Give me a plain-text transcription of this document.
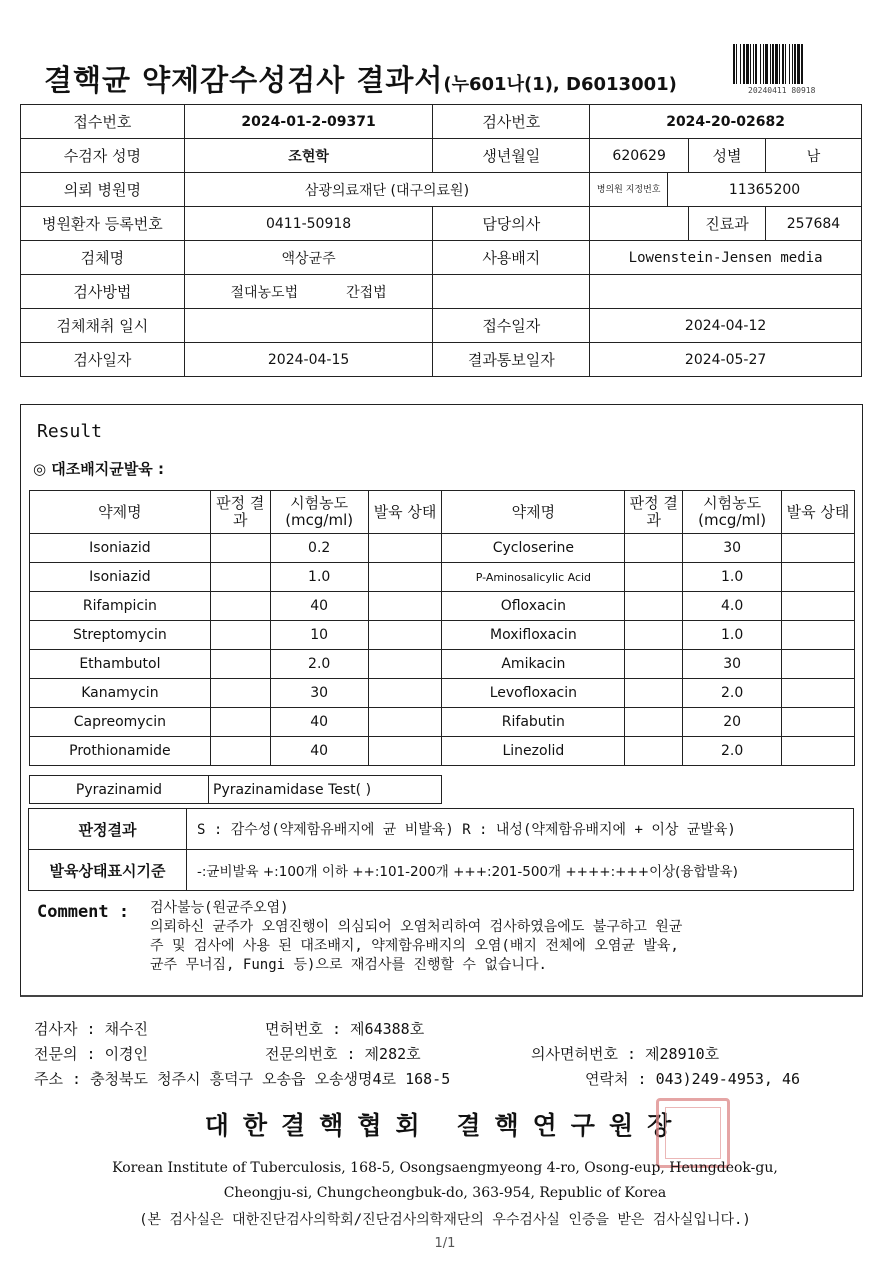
결핵균 약제감수성검사 결과서(누601나(1), D6013001)	20240411 80918
접수번호	2024-01-2-09371	검사번호	2024-20-02682			
수검자 성명	조현학	생년월일	620629		성별	남
의뢰 병원명	삼광의료재단 (대구의료원)		병의원 지정번호	11365200		
병원환자 등록번호	0411-50918	담당의사			진료과	257684
검체명	액상균주	사용배지	Lowenstein-Jensen media			
검사방법	절대농도법 간접법					
검체채취 일시		접수일자	2024-04-12			
검사일자	2024-04-15	결과통보일자	2024-05-27			
Result
◎ 대조배지균발육 :
약제명	판정 결과	시험농도 (mcg/ml)	발육 상태	약제명	판정 결과	시험농도 (mcg/ml)	발육 상태
Isoniazid		0.2		Cycloserine		30	
Isoniazid		1.0		P-Aminosalicylic Acid		1.0	
Rifampicin		40		Ofloxacin		4.0	
Streptomycin		10		Moxifloxacin		1.0	
Ethambutol		2.0		Amikacin		30	
Kanamycin		30		Levofloxacin		2.0	
Capreomycin		40		Rifabutin		20	
Prothionamide		40		Linezolid		2.0	
Pyrazinamid	Pyrazinamidase Test( )
판정결과	S : 감수성(약제함유배지에 균 비발육) R : 내성(약제함유배지에 + 이상 균발육)
발육상태표시기준	-:균비발육 +:100개 이하 ++:101-200개 +++:201-500개 ++++:+++이상(융합발육)
Comment : 검사불능(원균주오염)
의뢰하신 균주가 오염진행이 의심되어 오염처리하여 검사하였음에도 불구하고 원균
주 및 검사에 사용 된 대조배지, 약제함유배지의 오염(배지 전체에 오염균 발육,
균주 무너짐, Fungi 등)으로 재검사를 진행할 수 없습니다.
검사자 : 채수진	면허번호 : 제64388호
전문의 : 이경인	전문의번호 : 제282호	의사면허번호 : 제28910호
주소 : 충청북도 청주시 흥덕구 오송읍 오송생명4로 168-5	연락처 : 043)249-4953, 46
대한결핵협회 결핵연구원장
Korean Institute of Tuberculosis, 168-5, Osongsaengmyeong 4-ro, Osong-eup, Heungdeok-gu,
Cheongju-si, Chungcheongbuk-do, 363-954, Republic of Korea
(본 검사실은 대한진단검사의학회/진단검사의학재단의 우수검사실 인증을 받은 검사실입니다.)
1/1
